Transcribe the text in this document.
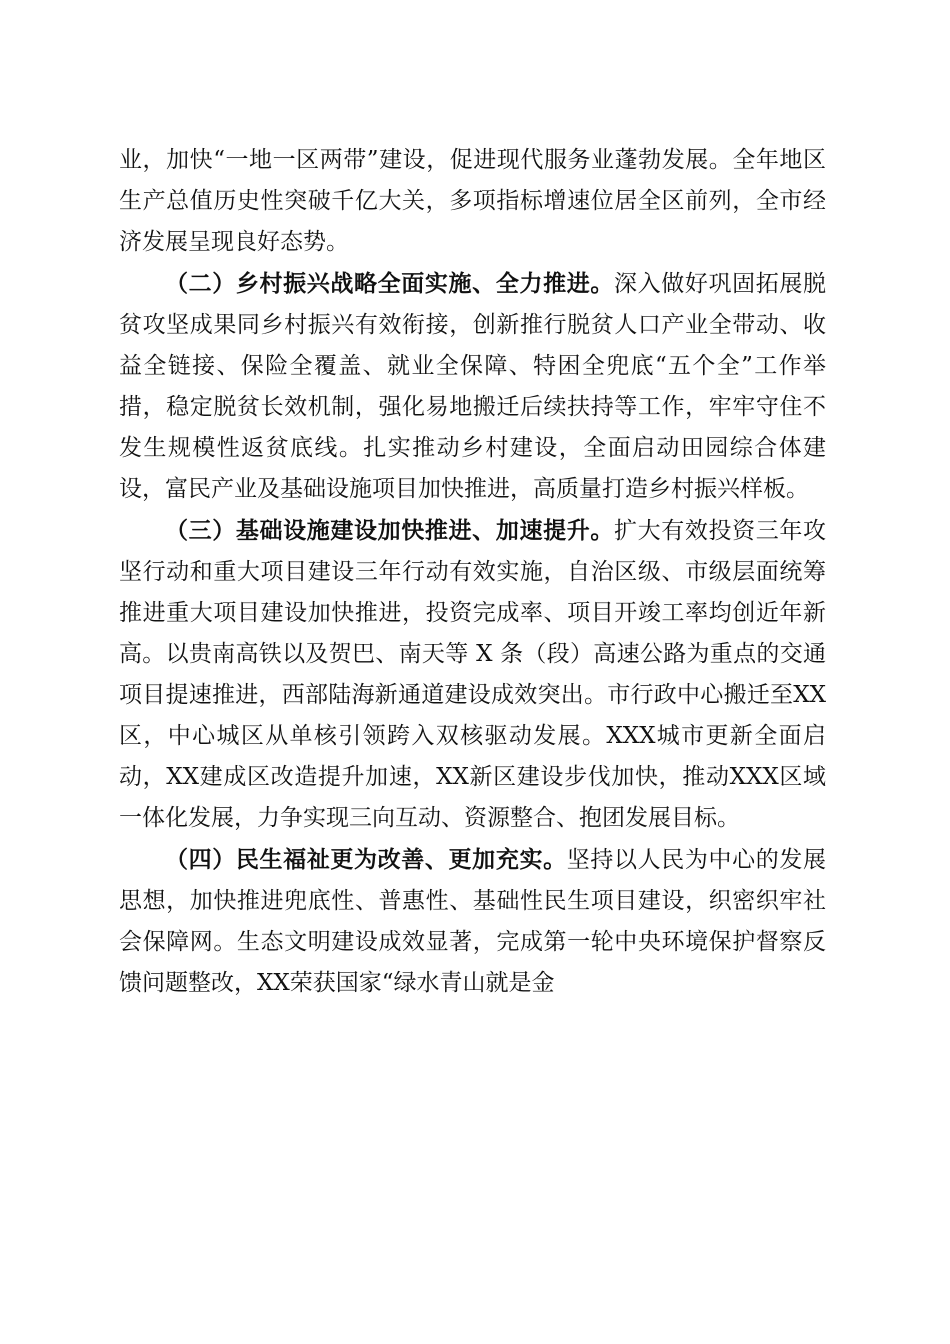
业，加快“一地一区两带”建设，促进现代服务业蓬勃发展。全年地区生产总值历史性突破千亿大关，多项指标增速位居全区前列，全市经济发展呈现良好态势。

（二）乡村振兴战略全面实施、全力推进。深入做好巩固拓展脱贫攻坚成果同乡村振兴有效衔接，创新推行脱贫人口产业全带动、收益全链接、保险全覆盖、就业全保障、特困全兜底“五个全”工作举措，稳定脱贫长效机制，强化易地搬迁后续扶持等工作，牢牢守住不发生规模性返贫底线。扎实推动乡村建设，全面启动田园综合体建设，富民产业及基础设施项目加快推进，高质量打造乡村振兴样板。

（三）基础设施建设加快推进、加速提升。扩大有效投资三年攻坚行动和重大项目建设三年行动有效实施，自治区级、市级层面统筹推进重大项目建设加快推进，投资完成率、项目开竣工率均创近年新高。以贵南高铁以及贺巴、南天等 X 条（段）高速公路为重点的交通项目提速推进，西部陆海新通道建设成效突出。市行政中心搬迁至XX区，中心城区从单核引领跨入双核驱动发展。XXX城市更新全面启动，XX建成区改造提升加速，XX新区建设步伐加快，推动XXX区域一体化发展，力争实现三向互动、资源整合、抱团发展目标。

（四）民生福祉更为改善、更加充实。坚持以人民为中心的发展思想，加快推进兜底性、普惠性、基础性民生项目建设，织密织牢社会保障网。生态文明建设成效显著，完成第一轮中央环境保护督察反馈问题整改，XX荣获国家“绿水青山就是金
